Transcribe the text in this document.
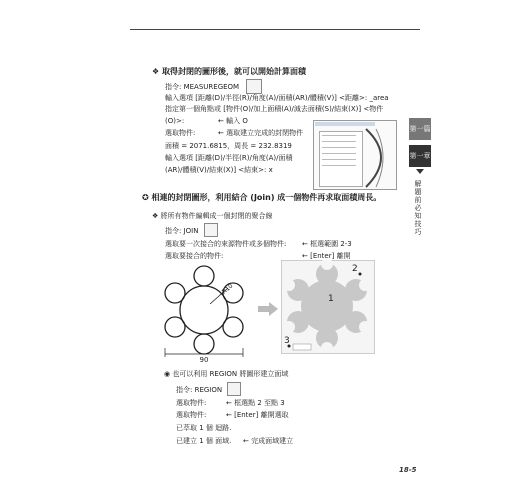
❖ 取得封閉的圖形後，就可以開始計算面積
指令: MEASUREGEOM
輸入選項 [距離(D)/半徑(R)/角度(A)/面積(AR)/體積(V)] <距離>: _area
指定第一個角點或 [物件(O)/加上面積(A)/減去面積(S)/結束(X)] <物件
(O)>:	← 輸入 O
選取物件:	← 選取建立完成的封閉物件
面積 = 2071.6815，周長 = 232.8319
輸入選項 [距離(D)/半徑(R)/角度(A)/面積
(AR)/體積(V)/結束(X)] <結束>: x
第一篇
第一章
解題前必知技巧
✪ 相連的封閉圖形，利用結合 (Join) 成一個物件再求取面積周長。
❖ 將所有物件編輯成一個封閉的聚合線
指令: JOIN
選取要一次接合的來源物件或多個物件: ← 框選範圍 2-3
選取要接合的物件:	← [Enter] 離開
90
R10
2
1
3
◉ 也可以利用 REGION 將圖形建立面域
指令: REGION
選取物件:	← 框選點 2 至點 3
選取物件:	← [Enter] 離開選取
已萃取 1 個 迴路.
已建立 1 個 面域. ← 完成面域建立
18-5
